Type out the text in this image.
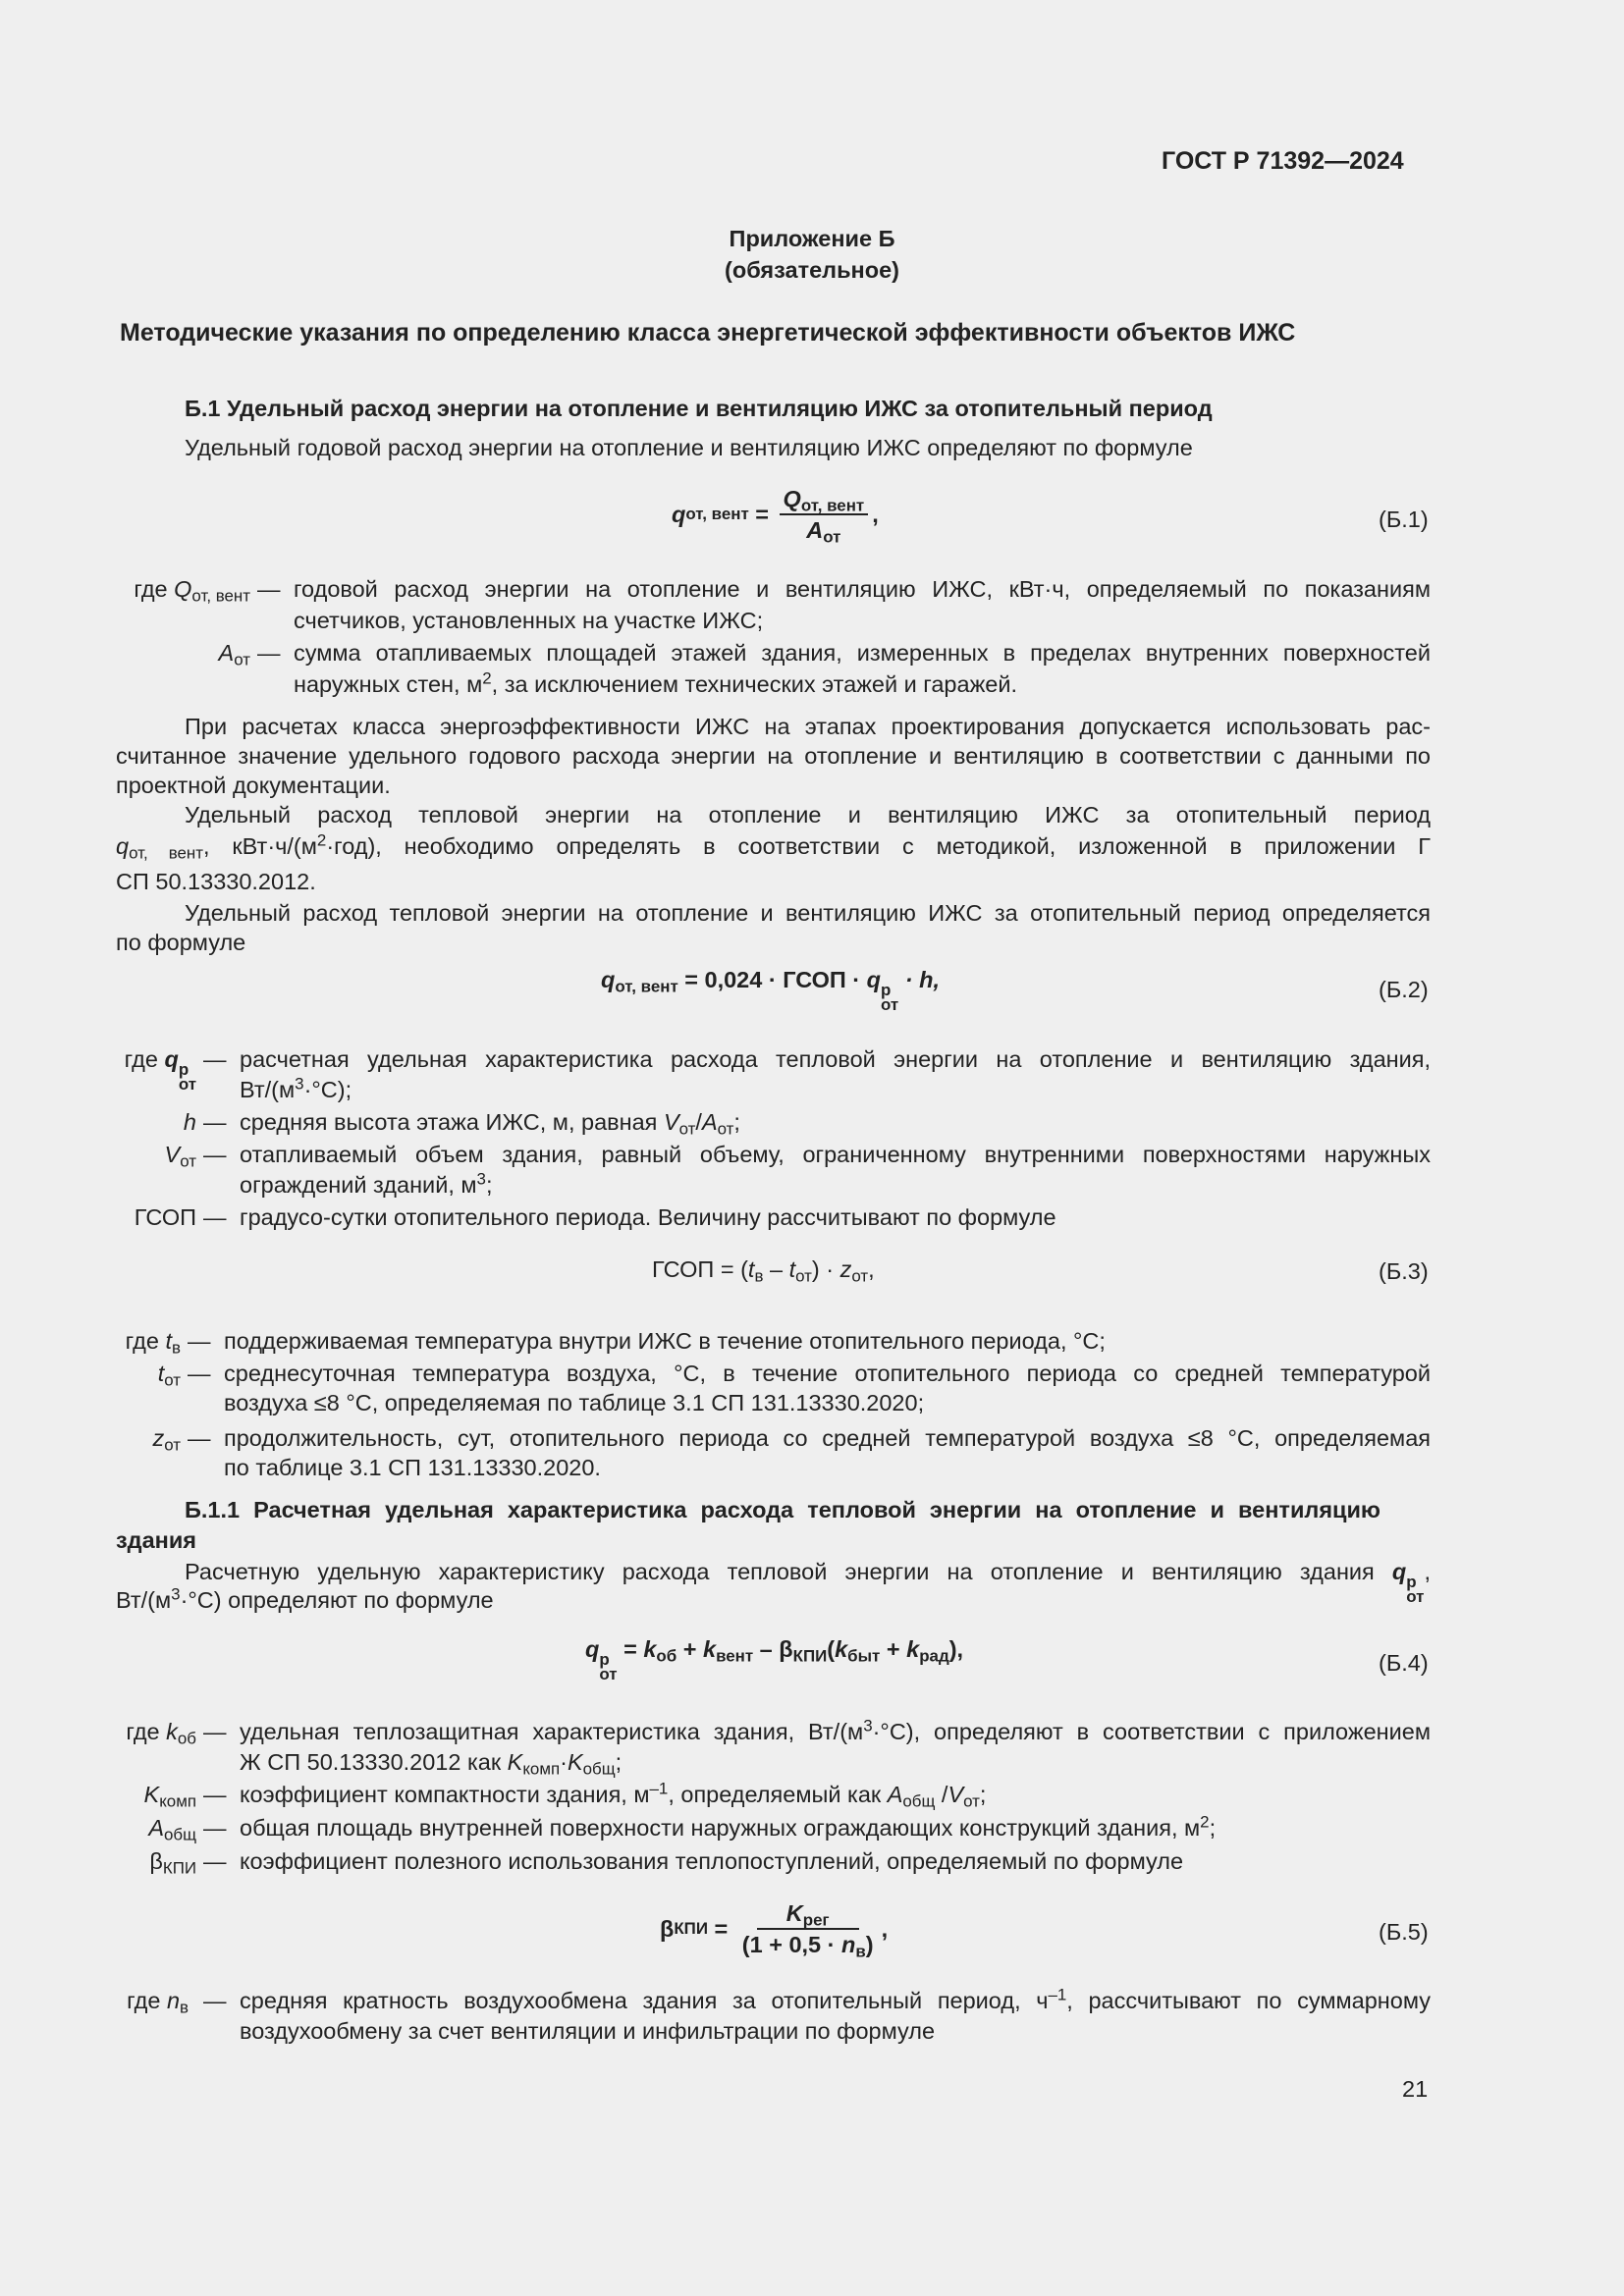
ГОСТ Р 71392—2024
Приложение Б
(обязательное)
Методические указания по определению класса энергетической эффективности объектов ИЖС
Б.1 Удельный расход энергии на отопление и вентиляцию ИЖС за отопительный период
Удельный годовой расход энергии на отопление и вентиляцию ИЖС определяют по формуле
q от, вент = $\frac{Q_{от, вент}}{A_{от}}$ ,	(Б.1)
где $Q_{от, вент}$ — годовой расход энергии на отопление и вентиляцию ИЖС, кВт·ч, определяемый по показаниям
счетчиков, установленных на участке ИЖС;
$A_{от}$ — сумма отапливаемых площадей этажей здания, измеренных в пределах внутренних поверхностей
наружных стен, $м^2$, за исключением технических этажей и гаражей.
При расчетах класса энергоэффективности ИЖС на этапах проектирования допускается использовать рас-
считанное значение удельного годового расхода энергии на отопление и вентиляцию в соответствии с данными по
проектной документации.
Удельный расход тепловой энергии на отопление и вентиляцию ИЖС за отопительный период
$q_{от, вент}$, $кВт\cdot ч/(м^2\cdot год)$, необходимо определять в соответствии с методикой, изложенной в приложении Г
СП 50.13330.2012.
Удельный расход тепловой энергии на отопление и вентиляцию ИЖС за отопительный период определяется
по формуле
$q_{от, вент} = 0,024$ · ГСОП · q р
от
· h,	(Б.2)
где q р
от
— расчетная удельная характеристика расхода тепловой энергии на отопление и вентиляцию здания,
$Вт/(м^3\cdot^\circ С)$;
h — средняя высота этажа ИЖС, м, равная $V_{от}/A_{от}$;
$V_{от}$ — отапливаемый объем здания, равный объему, ограниченному внутренними поверхностями наружных
ограждений зданий, $м^3$;
ГСОП — градусо-сутки отопительного периода. Величину рассчитывают по формуле
ГСОП = $(t_в - t_{от}) \cdot z_{от}$,	(Б.3)
где $t_в$ — поддерживаемая температура внутри ИЖС в течение отопительного периода, °С;
$t_{от}$ — среднесуточная температура воздуха, °С, в течение отопительного периода со средней температурой
воздуха ≤8 °С, определяемая по таблице 3.1 СП 131.13330.2020;
$z_{от}$ — продолжительность, сут, отопительного периода со средней температурой воздуха ≤8 °С, определяемая
по таблице 3.1 СП 131.13330.2020.
Б.1.1 Расчетная удельная характеристика расхода тепловой энергии на отопление и вентиляцию
здания
Расчетную удельную характеристику расхода тепловой энергии на отопление и вентиляцию здания q р
от
,
$Вт/(м^3\cdot^\circ С)$ определяют по формуле
q р
от
= $k_{об} + k_{вент} - \beta_{КПИ}(k_{быт} + k_{рад})$,
(Б.4)
где $k_{об}$ — удельная теплозащитная характеристика здания, $Вт/(м^3\cdot^\circ С)$, определяют в соответствии с приложением
Ж СП 50.13330.2012 как $K_{комп}\cdot K_{общ}$;
$K_{комп}$ — коэффициент компактности здания, $м^{-1}$, определяемый как $A_{общ}$ $/V_{от}$;
$A_{общ}$ — общая площадь внутренней поверхности наружных ограждающих конструкций здания, $м^2$;
$\beta_{КПИ}$ — коэффициент полезного использования теплопоступлений, определяемый по формуле
β КПИ = $\frac{K_{рег}}{(1 + 0,5 \cdot n_в)}$ ,	(Б.5)
где $n_в$ — средняя кратность воздухообмена здания за отопительный период, $ч^{-1}$, рассчитывают по суммарному
воздухообмену за счет вентиляции и инфильтрации по формуле
21
